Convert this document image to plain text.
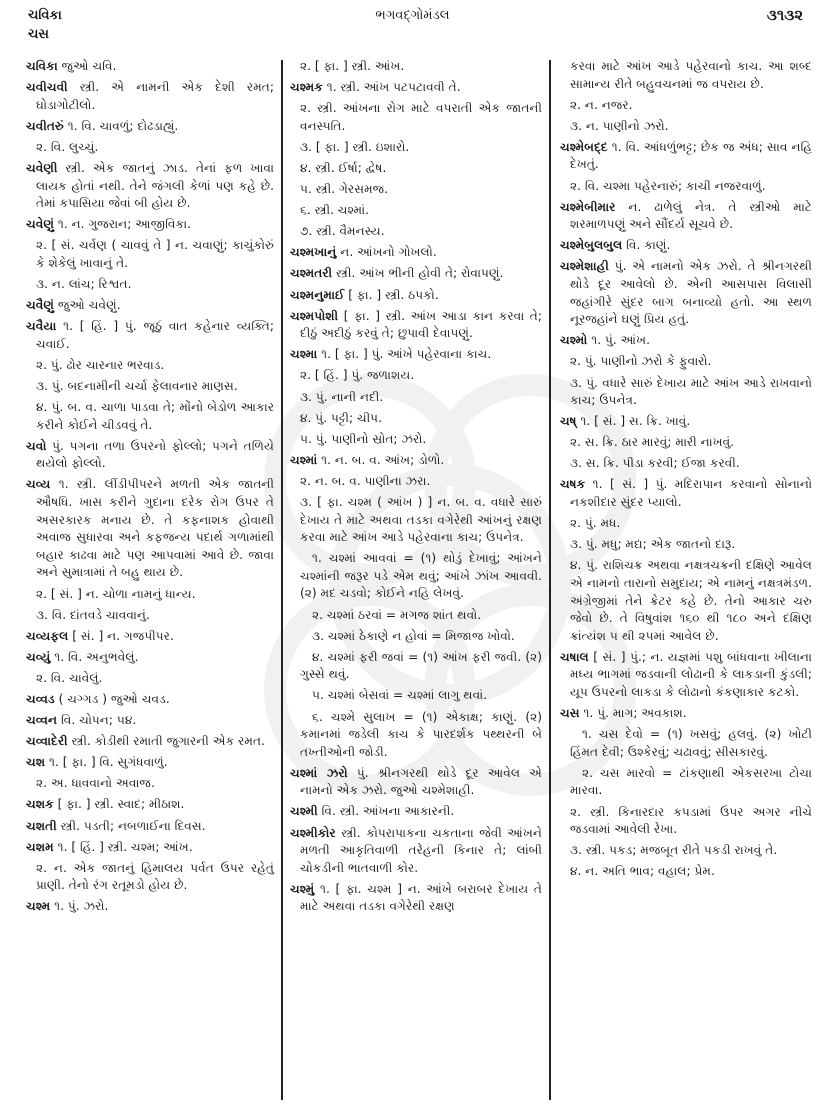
ચવિકા
ચસ
ભગવદ્ગોમંડલ	૩૧૩૨
ચવિકા જુઓ ચવિ.
ચવીચવી સ્ત્રી. એ નામની એક દેશી રમત; ઘોડાગોટીલો.
ચવીતરું ૧. વિ. ચાવળું; દોઢડાહ્યું.
૨. વિ. લુચ્ચું.
ચવેણી સ્ત્રી. એક જાતનું ઝાડ. તેનાં ફળ ખાવા લાયક હોતાં નથી. તેને જંગલી કેળાં પણ કહે છે. તેમાં કપાસિયા જેવાં બી હોય છે.
ચવેણું ૧. ન. ગુજરાન; આજીવિકા.
૨. [ સં. ચર્વણ ( ચાવવું તે ] ન. ચવાણું; કાચુંકોરું કે શેકેલું ખાવાનું તે.
૩. ન. લાંચ; રિશ્વત.
ચવૈણું જુઓ ચવેણું.
ચવૈયા ૧. [ હિં. ] પું. જૂઠું વાત કહેનાર વ્યક્તિ; ચવાઈ.
૨. પું. ઢોર ચારનાર ભરવાડ.
૩. પું. બદનામીની ચર્ચા ફેલાવનાર માણસ.
૪. પું. બ. વ. ચાળા પાડવા તે; મોંનો બેડોળ આકાર કરીને કોઈને ચીડવવું તે.
ચવો પું. પગના તળા ઉપરનો ફોલ્લો; પગને તળિયે થયેલો ફોલ્લો.
ચવ્ય ૧. સ્ત્રી. લીંડીપીપરને મળતી એક જાતની ઔષધિ. ખાસ કરીને ગુદાના દરેક રોગ ઉપર તે અસરકારક મનાય છે. તે કફનાશક હોવાથી અવાજ સુધારવા અને કફજન્ય પદાર્થ ગળામાંથી બહાર કાઢવા માટે પણ આપવામાં આવે છે. જાવા અને સુમાત્રામાં તે બહુ થાય છે.
૨. [ સં. ] ન. ચોળા નામનું ધાન્ય.
૩. વિ. દાંતવડે ચાવવાનું.
ચવ્યફલ [ સં. ] ન. ગજપીપર.
ચવ્યું ૧. વિ. અનુભવેલું.
૨. વિ. ચાવેલું.
ચવ્વડ ( ચગ્ગડ ) જુઓ ચવડ.
ચવ્વન વિ. ચોપન; ૫૪.
ચવ્વાદેરી સ્ત્રી. કોડીથી રમાતી જુગારની એક રમત.
ચશ ૧. [ ફા. ] વિ. સુગંધવાળું.
૨. અ. ધાવવાનો અવાજ.
ચશક [ ફા. ] સ્ત્રી. સ્વાદ; મીઠાશ.
ચશતી સ્ત્રી. પડતી; નબળાઈના દિવસ.
ચશમ ૧. [ હિં. ] સ્ત્રી. ચશ્મ; આંખ.
૨. ન. એક જાતનું હિમાલય પર્વત ઉપર રહેતું પ્રાણી. તેનો રંગ રતૂમડો હોય છે.
ચશ્મ ૧. પું. ઝરો.
૨. [ ફા. ] સ્ત્રી. આંખ.
ચશ્મક ૧. સ્ત્રી. આંખ પટપટાવવી તે.
૨. સ્ત્રી. આંખના રોગ માટે વપરાતી એક જાતની વનસ્પતિ.
૩. [ ફા. ] સ્ત્રી. ઇશારો.
૪. સ્ત્રી. ઈર્ષા; દ્વેષ.
૫. સ્ત્રી. ગેરસમજ.
૬. સ્ત્રી. ચશ્માં.
૭. સ્ત્રી. વૈમનસ્ય.
ચશ્મખાનું ન. આંખનો ગોખલો.
ચશ્મતરી સ્ત્રી. આંખ ભીની હોવી તે; રોવાપણું.
ચશ્મનુમાઈ [ ફા. ] સ્ત્રી. ઠપકો.
ચશ્મપોશી [ ફા. ] સ્ત્રી. આંખ આડા કાન કરવા તે; દીઠું અદીઠું કરવું તે; છુપાવી દેવાપણું.
ચશ્મા ૧. [ ફા. ] પું. આંખે પહેરવાના કાચ.
૨. [ હિં. ] પું. જળાશય.
૩. પું. નાની નદી.
૪. પું. પટ્ટી; ચીપ.
૫. પું. પાણીનો સ્રોત; ઝરો.
ચશ્માં ૧. ન. બ. વ. આંખ; ડોળો.
૨. ન. બ. વ. પાણીના ઝરા.
૩. [ ફા. ચશ્મ ( આંખ ) ] ન. બ. વ. વધારે સારું દેખાય તે માટે અથવા તડકા વગેરેથી આંખનું રક્ષણ કરવા માટે આંખ આડે પહેરવાના કાચ; ઉપનેત્ર.
૧. ચશ્માં આવવાં = (૧) થોડું દેખાવું; આંખને ચશ્માંની જરૂર પડે એમ થવું; આંખે ઝાંખ આવવી. (૨) મદ ચડવો; કોઈને નહિ લેખવું.
૨. ચશ્માં ઠરવાં = મગજ શાંત થવો.
૩. ચશ્માં ઠેકાણે ન હોવાં = મિજાજ ખોવો.
૪. ચશ્માં ફરી જવાં = (૧) આંખ ફરી જવી. (૨) ગુસ્સે થવું.
૫. ચશ્માં બેસવાં = ચશ્માં લાગુ થવાં.
૬. ચશ્મે સુલાખ = (૧) એકાક્ષ; કાણું. (૨) કમાનમાં જડેલી કાચ કે પારદર્શક પથ્થરની બે તખ્તીઓની જોડી.
ચશ્માં ઝરો પું. શ્રીનગરથી થોડે દૂર આવેલ એ નામનો એક ઝરો. જુઓ ચશ્મેશાહી.
ચશ્મી વિ. સ્ત્રી. આંખના આકારની.
ચશ્મીકોર સ્ત્રી. કોપરાપાકના ચકતાના જેવી આંખને મળતી આકૃતિવાળી તરેહની કિનાર તે; લાંબી ચોકડીની ભાતવાળી કોર.
ચશ્મું ૧. [ ફા. ચશ્મ ] ન. આંખે બરાબર દેખાય તે માટે અથવા તડકા વગેરેથી રક્ષણ
કરવા માટે આંખ આડે પહેરવાનો કાચ. આ શબ્દ સામાન્ય રીતે બહુવચનમાં જ વપરાય છે.
૨. ન. નજર.
૩. ન. પાણીનો ઝરો.
ચશ્મેબદ્દ ૧. વિ. આંધળુંભટ્ટ; છેક જ અંધ; સાવ નહિ દેખતું.
૨. વિ. ચશ્મા પહેરનારું; કાચી નજરવાળું.
ચશ્મેબીમાર ન. ઢાળેલું નેત્ર. તે સ્ત્રીઓ માટે શરમાળપણું અને સૌંદર્ય સૂચવે છે.
ચશ્મેબુલબુલ વિ. કાણું.
ચશ્મેશાહી પું. એ નામનો એક ઝરો. તે શ્રીનગરથી થોડે દૂર આવેલો છે. એની આસપાસ વિલાસી જહાંગીરે સુંદર બાગ બનાવ્યો હતો. આ સ્થળ નૂરજહાંને ઘણું પ્રિય હતું.
ચશ્મો ૧. પું. આંખ.
૨. પું. પાણીનો ઝરો કે ફુવારો.
૩. પું. વધારે સારું દેખાય માટે આંખ આડે રાખવાનો કાચ; ઉપનેત્ર.
ચષ્ ૧. [ સં. ] સ. ક્રિ. ખાવું.
૨. સ. ક્રિ. ઠાર મારવું; મારી નાખવું.
૩. સ. ક્રિ. પીડા કરવી; ઈજા કરવી.
ચષક ૧. [ સં. ] પું. મદિરાપાન કરવાનો સોનાનો નકશીદાર સુંદર પ્યાલો.
૨. પું. મધ.
૩. પું. મધુ; મદ્ય; એક જાતનો દારૂ.
૪. પું. રાશિચક્ર અથવા નક્ષત્રચક્રની દક્ષિણે આવેલ એ નામનો તારાનો સમુદાય; એ નામનું નક્ષત્રમંડળ. અંગ્રેજીમાં તેને ક્રેટર કહે છે. તેનો આકાર ચરુ જેવો છે. તે વિષુવાંશ ૧૬૦ થી ૧૮૦ અને દક્ષિણ ક્રાંત્યંશ ૫ થી ૨૫માં આવેલ છે.
ચષાલ [ સં. ] પું.; ન. યજ્ઞમાં પશુ બાંધવાના ખીલાના મધ્ય ભાગમાં જડવાની લોઢાની કે લાકડાની કુંડલી; યૂપ ઉપરનો લાકડા કે લોઢાનો કંકણાકાર કટકો.
ચસ ૧. પું. માગ; અવકાશ.
૧. ચસ દેવો = (૧) ખસવું; હલવું. (૨) ખોટી હિંમત દેવી; ઉશ્કેરવું; ચઢાવવું; સીસકારવું.
૨. ચસ મારવો = ટાંકણાથી એકસરખા ટોચા મારવા.
૨. સ્ત્રી. કિનારદાર કપડામાં ઉપર અગર નીચે જડવામાં આવેલી રેખા.
૩. સ્ત્રી. પકડ; મજબૂત રીતે પકડી રાખવું તે.
૪. ન. અતિ ભાવ; વહાલ; પ્રેમ.
